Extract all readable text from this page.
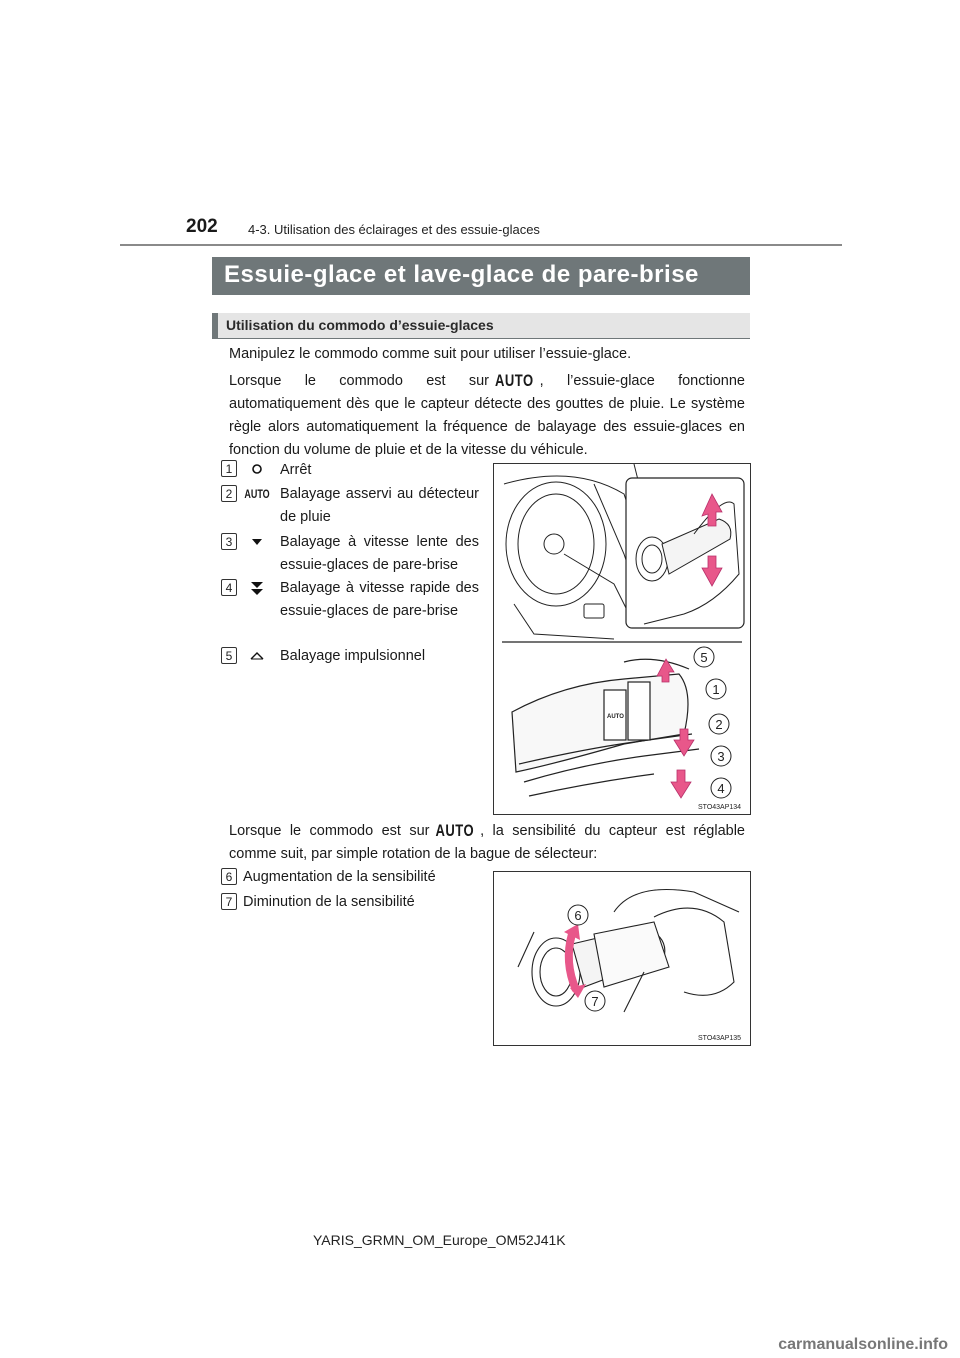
202 4-3. Utilisation des éclairages et des essuie-glaces
Essuie-glace et lave-glace de pare-brise
Utilisation du commodo d’essuie-glaces
Manipulez le commodo comme suit pour utiliser l’essuie-glace.
Lorsque le commodo est sur AUTO , l’essuie-glace fonctionne automatiquement dès que le capteur détecte des gouttes de pluie. Le système règle alors automatiquement la fréquence de balayage des essuie-glaces en fonction du volume de pluie et de la vitesse du véhicule.
1	Arrêt
2	AUTO Balayage asservi au détecteur de pluie
3	Balayage à vitesse lente des essuie-glaces de pare-brise
4	Balayage à vitesse rapide des essuie-glaces de pare-brise
5	Balayage impulsionnel
AUTO
5
1
2
3
4
STO43AP134
Lorsque le commodo est sur AUTO , la sensibilité du capteur est réglable comme suit, par simple rotation de la bague de sélecteur:
6 Augmentation de la sensibilité
7 Diminution de la sensibilité
6
7
STO43AP135
YARIS_GRMN_OM_Europe_OM52J41K
carmanualsonline.info
